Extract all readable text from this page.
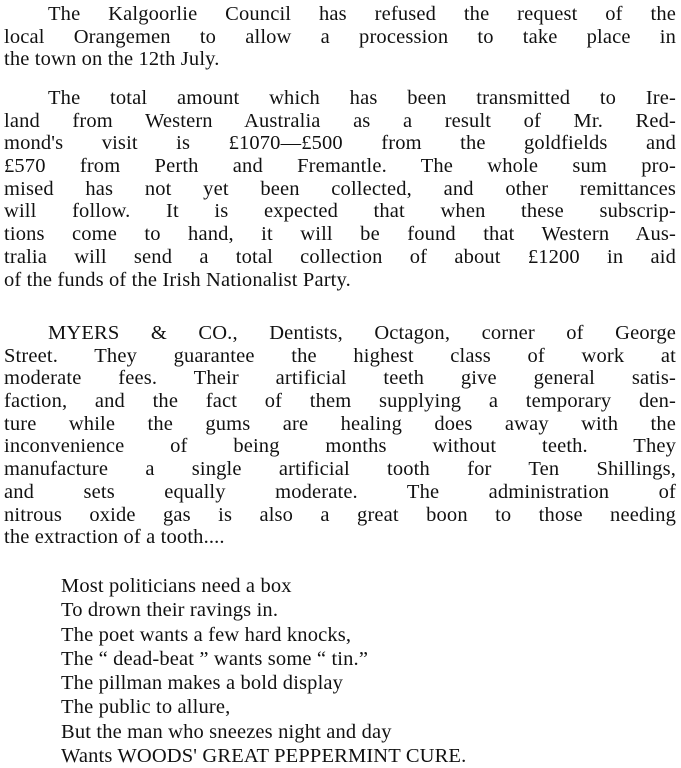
The Kalgoorlie Council has refused the request of the
local Orangemen to allow a procession to take place in
the town on the 12th July.
The total amount which has been transmitted to Ire-
land from Western Australia as a result of Mr. Red-
mond's visit is £1070—£500 from the goldfields and
£570 from Perth and Fremantle. The whole sum pro-
mised has not yet been collected, and other remittances
will follow. It is expected that when these subscrip-
tions come to hand, it will be found that Western Aus-
tralia will send a total collection of about £1200 in aid
of the funds of the Irish Nationalist Party.
MYERS & CO., Dentists, Octagon, corner of George
Street. They guarantee the highest class of work at
moderate fees. Their artificial teeth give general satis-
faction, and the fact of them supplying a temporary den-
ture while the gums are healing does away with the
inconvenience of being months without teeth. They
manufacture a single artificial tooth for Ten Shillings,
and sets equally moderate. The administration of
nitrous oxide gas is also a great boon to those needing
the extraction of a tooth....
Most politicians need a box
To drown their ravings in.
The poet wants a few hard knocks,
The “ dead-beat ” wants some “ tin.”
The pillman makes a bold display
The public to allure,
But the man who sneezes night and day
Wants WOODS' GREAT PEPPERMINT CURE.
